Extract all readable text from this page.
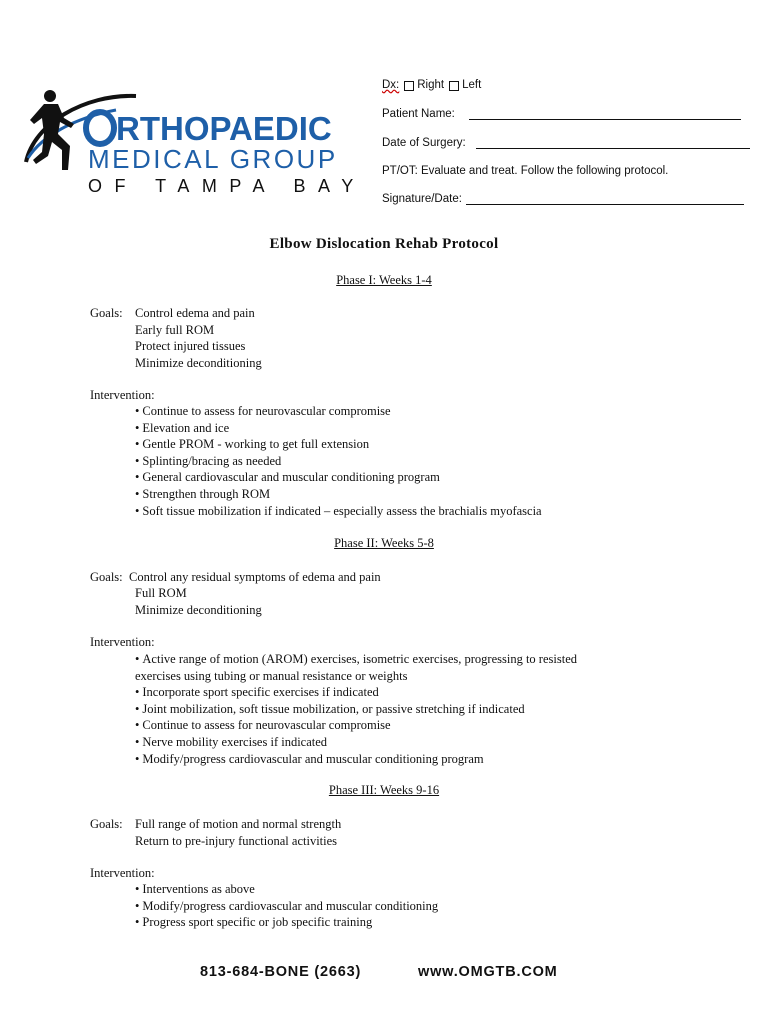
RTHOPAEDIC
MEDICAL GROUP
OF TAMPA BAY
Dx: Right Left
Patient Name:
Date of Surgery:
PT/OT: Evaluate and treat. Follow the following protocol.
Signature/Date:
Elbow Dislocation Rehab Protocol
Phase I: Weeks 1-4
Goals: Control edema and pain
Early full ROM
Protect injured tissues
Minimize deconditioning
Intervention:
• Continue to assess for neurovascular compromise
• Elevation and ice
• Gentle PROM - working to get full extension
• Splinting/bracing as needed
• General cardiovascular and muscular conditioning program
• Strengthen through ROM
• Soft tissue mobilization if indicated – especially assess the brachialis myofascia
Phase II: Weeks 5-8
Goals: Control any residual symptoms of edema and pain
Full ROM
Minimize deconditioning
Intervention:
• Active range of motion (AROM) exercises, isometric exercises, progressing to resisted
exercises using tubing or manual resistance or weights
• Incorporate sport specific exercises if indicated
• Joint mobilization, soft tissue mobilization, or passive stretching if indicated
• Continue to assess for neurovascular compromise
• Nerve mobility exercises if indicated
• Modify/progress cardiovascular and muscular conditioning program
Phase III: Weeks 9-16
Goals: Full range of motion and normal strength
Return to pre-injury functional activities
Intervention:
• Interventions as above
• Modify/progress cardiovascular and muscular conditioning
• Progress sport specific or job specific training
813-684-BONE (2663)	www.OMGTB.COM
